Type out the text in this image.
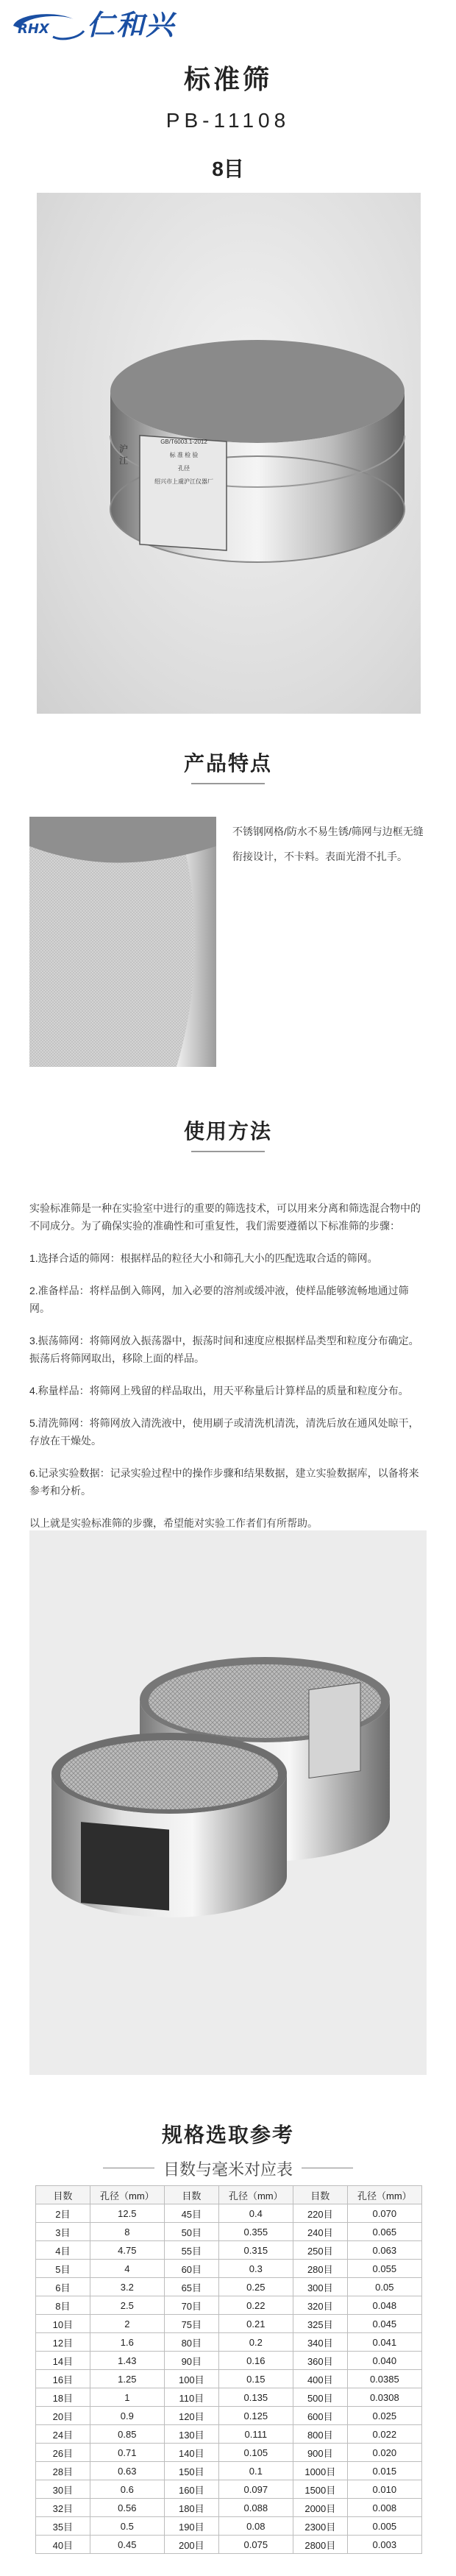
RHX 仁和兴
标准筛
PB-11108
8目
GB/T6003.1-2012
标 准 检 验
孔径
绍兴市上虞沪江仪器厂
沪江
产品特点
不锈钢网格/防水不易生锈/筛网与边框无缝衔接设计，不卡料。表面光滑不扎手。
使用方法

实验标准筛是一种在实验室中进行的重要的筛选技术，可以用来分离和筛选混合物中的不同成分。为了确保实验的准确性和可重复性，我们需要遵循以下标准筛的步骤：

1.选择合适的筛网：根据样品的粒径大小和筛孔大小的匹配选取合适的筛网。

2.准备样品：将样品倒入筛网，加入必要的溶剂或缓冲液，使样品能够流畅地通过筛网。

3.振荡筛网：将筛网放入振荡器中，振荡时间和速度应根据样品类型和粒度分布确定。振荡后将筛网取出，移除上面的样品。

4.称量样品：将筛网上残留的样品取出，用天平称量后计算样品的质量和粒度分布。

5.清洗筛网：将筛网放入清洗液中，使用刷子或清洗机清洗，清洗后放在通风处晾干，存放在干燥处。

6.记录实验数据：记录实验过程中的操作步骤和结果数据，建立实验数据库，以备将来参考和分析。

以上就是实验标准筛的步骤，希望能对实验工作者们有所帮助。

规格选取参考
目数与毫米对应表
目数	孔径（mm）	目数	孔径（mm）	目数	孔径（mm）
2目	12.5	45目	0.4	220目	0.070
3目	8	50目	0.355	240目	0.065
4目	4.75	55目	0.315	250目	0.063
5目	4	60目	0.3	280目	0.055
6目	3.2	65目	0.25	300目	0.05
8目	2.5	70目	0.22	320目	0.048
10目	2	75目	0.21	325目	0.045
12目	1.6	80目	0.2	340目	0.041
14目	1.43	90目	0.16	360目	0.040
16目	1.25	100目	0.15	400目	0.0385
18目	1	110目	0.135	500目	0.0308
20目	0.9	120目	0.125	600目	0.025
24目	0.85	130目	0.111	800目	0.022
26目	0.71	140目	0.105	900目	0.020
28目	0.63	150目	0.1	1000目	0.015
30目	0.6	160目	0.097	1500目	0.010
32目	0.56	180目	0.088	2000目	0.008
35目	0.5	190目	0.08	2300目	0.005
40目	0.45	200目	0.075	2800目	0.003
